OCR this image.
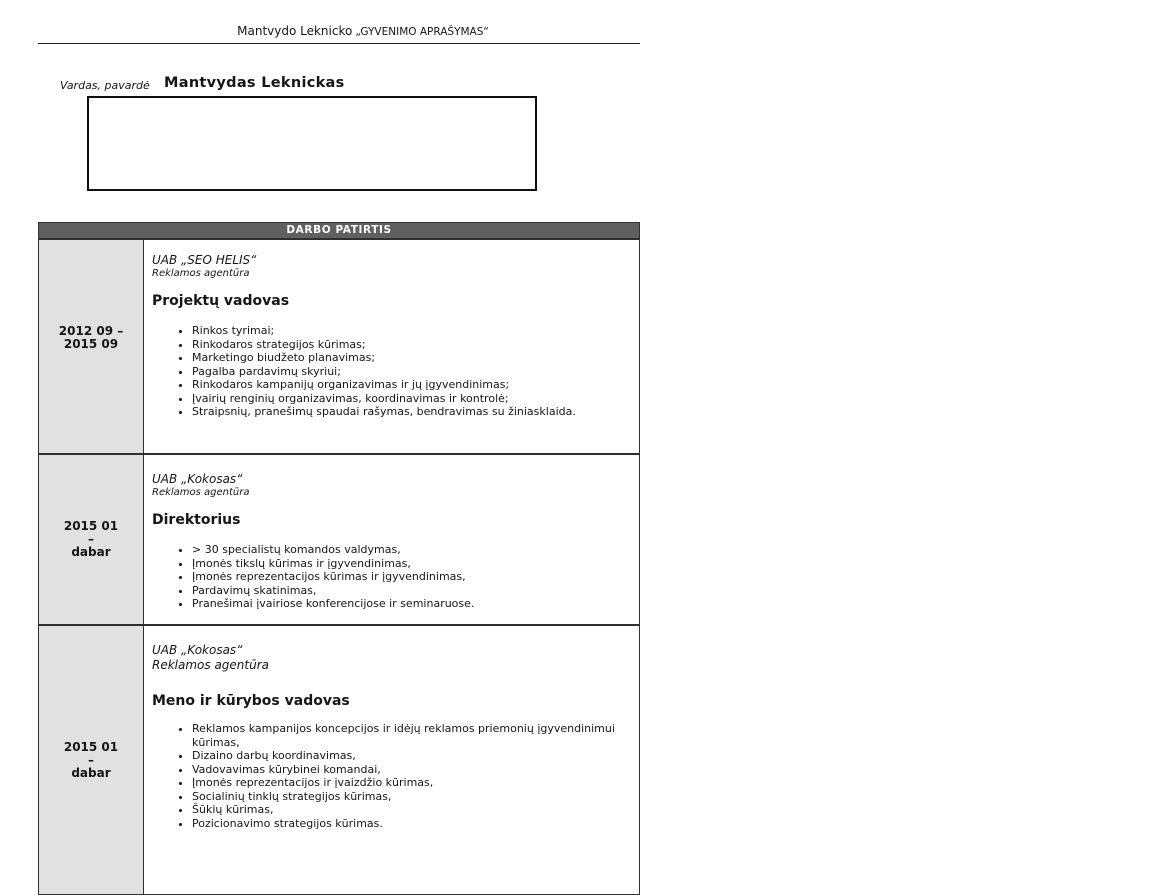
Mantvydo Leknicko „GYVENIMO APRAŠYMAS“
Vardas, pavardė Mantvydas Leknickas
DARBO PATIRTIS
2012 09 –
2015 09
UAB „SEO HELIS“
Reklamos agentūra
Projektų vadovas
• Rinkos tyrimai;
• Rinkodaros strategijos kūrimas;
• Marketingo biudžeto planavimas;
• Pagalba pardavimų skyriui;
• Rinkodaros kampanijų organizavimas ir jų įgyvendinimas;
• Įvairių renginių organizavimas, koordinavimas ir kontrolė;
• Straipsnių, pranešimų spaudai rašymas, bendravimas su žiniasklaida.
2015 01
–
dabar
UAB „Kokosas“
Reklamos agentūra
Direktorius
• > 30 specialistų komandos valdymas,
• Įmonės tikslų kūrimas ir įgyvendinimas,
• Įmonės reprezentacijos kūrimas ir įgyvendinimas,
• Pardavimų skatinimas,
• Pranešimai įvairiose konferencijose ir seminaruose.
2015 01
–
dabar
UAB „Kokosas“
Reklamos agentūra
Meno ir kūrybos vadovas
• Reklamos kampanijos koncepcijos ir idėjų reklamos priemonių įgyvendinimui kūrimas,
• Dizaino darbų koordinavimas,
• Vadovavimas kūrybinei komandai,
• Įmonės reprezentacijos ir įvaizdžio kūrimas,
• Socialinių tinklų strategijos kūrimas,
• Šūkių kūrimas,
• Pozicionavimo strategijos kūrimas.
